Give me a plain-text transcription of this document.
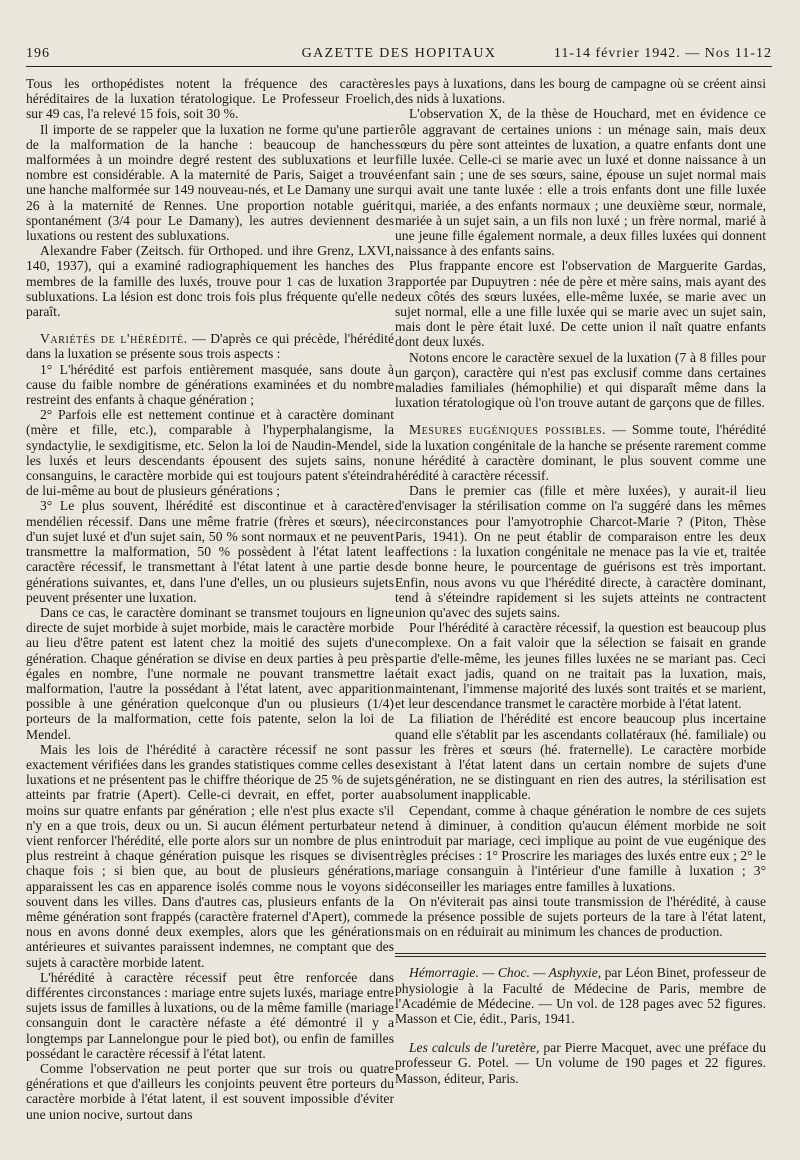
196	GAZETTE DES HOPITAUX	11-14 février 1942. — Nos 11-12

Tous les orthopédistes notent la fréquence des caractères héréditaires de la luxation tératologique. Le Professeur Froelich, sur 49 cas, l'a relevé 15 fois, soit 30 %.

Il importe de se rappeler que la luxation ne forme qu'une partie de la malformation de la hanche : beaucoup de hanches malformées à un moindre degré restent des subluxations et leur nombre est considérable. A la maternité de Paris, Saiget a trouvé une hanche malformée sur 149 nouveau-nés, et Le Damany une sur 26 à la maternité de Rennes. Une proportion notable guérit spontanément (3/4 pour Le Damany), les autres deviennent des luxations ou restent des subluxations.

Alexandre Faber (Zeitsch. für Orthoped. und ihre Grenz, LXVI, 140, 1937), qui a examiné radiographiquement les hanches des membres de la famille des luxés, trouve pour 1 cas de luxation 3 subluxations. La lésion est donc trois fois plus fréquente qu'elle ne paraît.

Variétés de l'hérédité. — D'après ce qui précède, l'hérédité dans la luxation se présente sous trois aspects :

1° L'hérédité est parfois entièrement masquée, sans doute à cause du faible nombre de générations examinées et du nombre restreint des enfants à chaque génération ;

2° Parfois elle est nettement continue et à caractère dominant (mère et fille, etc.), comparable à l'hyperphalangisme, la syndactylie, le sexdigitisme, etc. Selon la loi de Naudin-Mendel, si les luxés et leurs descendants épousent des sujets sains, non consanguins, le caractère morbide qui est toujours patent s'éteindra de lui-même au bout de plusieurs générations ;

3° Le plus souvent, lhérédité est discontinue et à caractère mendélien récessif. Dans une même fratrie (frères et sœurs), née d'un sujet luxé et d'un sujet sain, 50 % sont normaux et ne peuvent transmettre la malformation, 50 % possèdent à l'état latent le caractère récessif, le transmettant à l'état latent à une partie des générations suivantes, et, dans l'une d'elles, un ou plusieurs sujets peuvent présenter une luxation.

Dans ce cas, le caractère dominant se transmet toujours en ligne directe de sujet morbide à sujet morbide, mais le caractère morbide au lieu d'être patent est latent chez la moitié des sujets d'une génération. Chaque génération se divise en deux parties à peu près égales en nombre, l'une normale ne pouvant transmettre la malformation, l'autre la possédant à l'état latent, avec apparition possible à une génération quelconque d'un ou plusieurs (1/4) porteurs de la malformation, cette fois patente, selon la loi de Mendel.

Mais les lois de l'hérédité à caractère récessif ne sont pas exactement vérifiées dans les grandes statistiques comme celles des luxations et ne présentent pas le chiffre théorique de 25 % de sujets atteints par fratrie (Apert). Celle-ci devrait, en effet, porter au moins sur quatre enfants par génération ; elle n'est plus exacte s'il n'y en a que trois, deux ou un. Si aucun élément perturbateur ne vient renforcer l'hérédité, elle porte alors sur un nombre de plus en plus restreint à chaque génération puisque les risques se divisent chaque fois ; si bien que, au bout de plusieurs générations, apparaissent les cas en apparence isolés comme nous le voyons si souvent dans les villes. Dans d'autres cas, plusieurs enfants de la même génération sont frappés (caractère fraternel d'Apert), comme nous en avons donné deux exemples, alors que les générations antérieures et suivantes paraissent indemnes, ne comptant que des sujets à caractère morbide latent.

L'hérédité à caractère récessif peut être renforcée dans différentes circonstances : mariage entre sujets luxés, mariage entre sujets issus de familles à luxations, ou de la même famille (mariage consanguin dont le caractère néfaste a été démontré il y a longtemps par Lannelongue pour le pied bot), ou enfin de familles possédant le caractère récessif à l'état latent.

Comme l'observation ne peut porter que sur trois ou quatre générations et que d'ailleurs les conjoints peuvent être porteurs du caractère morbide à l'état latent, il est souvent impossible d'éviter une union nocive, surtout dans

les pays à luxations, dans les bourg de campagne où se créent ainsi des nids à luxations.

L'observation X, de la thèse de Houchard, met en évidence ce rôle aggravant de certaines unions : un ménage sain, mais deux sœurs du père sont atteintes de luxation, a quatre enfants dont une fille luxée. Celle-ci se marie avec un luxé et donne naissance à un enfant sain ; une de ses sœurs, saine, épouse un sujet normal mais qui avait une tante luxée : elle a trois enfants dont une fille luxée qui, mariée, a des enfants normaux ; une deuxième sœur, normale, mariée à un sujet sain, a un fils non luxé ; un frère normal, marié à une jeune fille également normale, a deux filles luxées qui donnent naissance à des enfants sains.

Plus frappante encore est l'observation de Marguerite Gardas, rapportée par Dupuytren : née de père et mère sains, mais ayant des deux côtés des sœurs luxées, elle-même luxée, se marie avec un sujet normal, elle a une fille luxée qui se marie avec un sujet sain, mais dont le père était luxé. De cette union il naît quatre enfants dont deux luxés.

Notons encore le caractère sexuel de la luxation (7 à 8 filles pour un garçon), caractère qui n'est pas exclusif comme dans certaines maladies familiales (hémophilie) et qui disparaît même dans la luxation tératologique où l'on trouve autant de garçons que de filles.

Mesures eugéniques possibles. — Somme toute, l'hérédité de la luxation congénitale de la hanche se présente rarement comme une hérédité à caractère dominant, le plus souvent comme une hérédité à caractère récessif.

Dans le premier cas (fille et mère luxées), y aurait-il lieu d'envisager la stérilisation comme on l'a suggéré dans les mêmes circonstances pour l'amyotrophie Charcot-Marie ? (Piton, Thèse Paris, 1941). On ne peut établir de comparaison entre les deux affections : la luxation congénitale ne menace pas la vie et, traitée de bonne heure, le pourcentage de guérisons est très important. Enfin, nous avons vu que l'hérédité directe, à caractère dominant, tend à s'éteindre rapidement si les sujets atteints ne contractent union qu'avec des sujets sains.

Pour l'hérédité à caractère récessif, la question est beaucoup plus complexe. On a fait valoir que la sélection se faisait en grande partie d'elle-même, les jeunes filles luxées ne se mariant pas. Ceci était exact jadis, quand on ne traitait pas la luxation, mais, maintenant, l'immense majorité des luxés sont traités et se marient, et leur descendance transmet le caractère morbide à l'état latent.

La filiation de l'hérédité est encore beaucoup plus incertaine quand elle s'établit par les ascendants collatéraux (hé. familiale) ou sur les frères et sœurs (hé. fraternelle). Le caractère morbide existant à l'état latent dans un certain nombre de sujets d'une génération, ne se distinguant en rien des autres, la stérilisation est absolument inapplicable.

Cependant, comme à chaque génération le nombre de ces sujets tend à diminuer, à condition qu'aucun élément morbide ne soit introduit par mariage, ceci implique au point de vue eugénique des règles précises : 1° Proscrire les mariages des luxés entre eux ; 2° le mariage consanguin à l'intérieur d'une famille à luxation ; 3° déconseiller les mariages entre familles à luxations.

On n'éviterait pas ainsi toute transmission de l'hérédité, à cause de la présence possible de sujets porteurs de la tare à l'état latent, mais on en réduirait au minimum les chances de production.

Hémorragie. — Choc. — Asphyxie, par Léon Binet, professeur de physiologie à la Faculté de Médecine de Paris, membre de l'Académie de Médecine. — Un vol. de 128 pages avec 52 figures. Masson et Cie, édit., Paris, 1941.

Les calculs de l'uretère, par Pierre Macquet, avec une préface du professeur G. Potel. — Un volume de 190 pages et 22 figures. Masson, éditeur, Paris.
